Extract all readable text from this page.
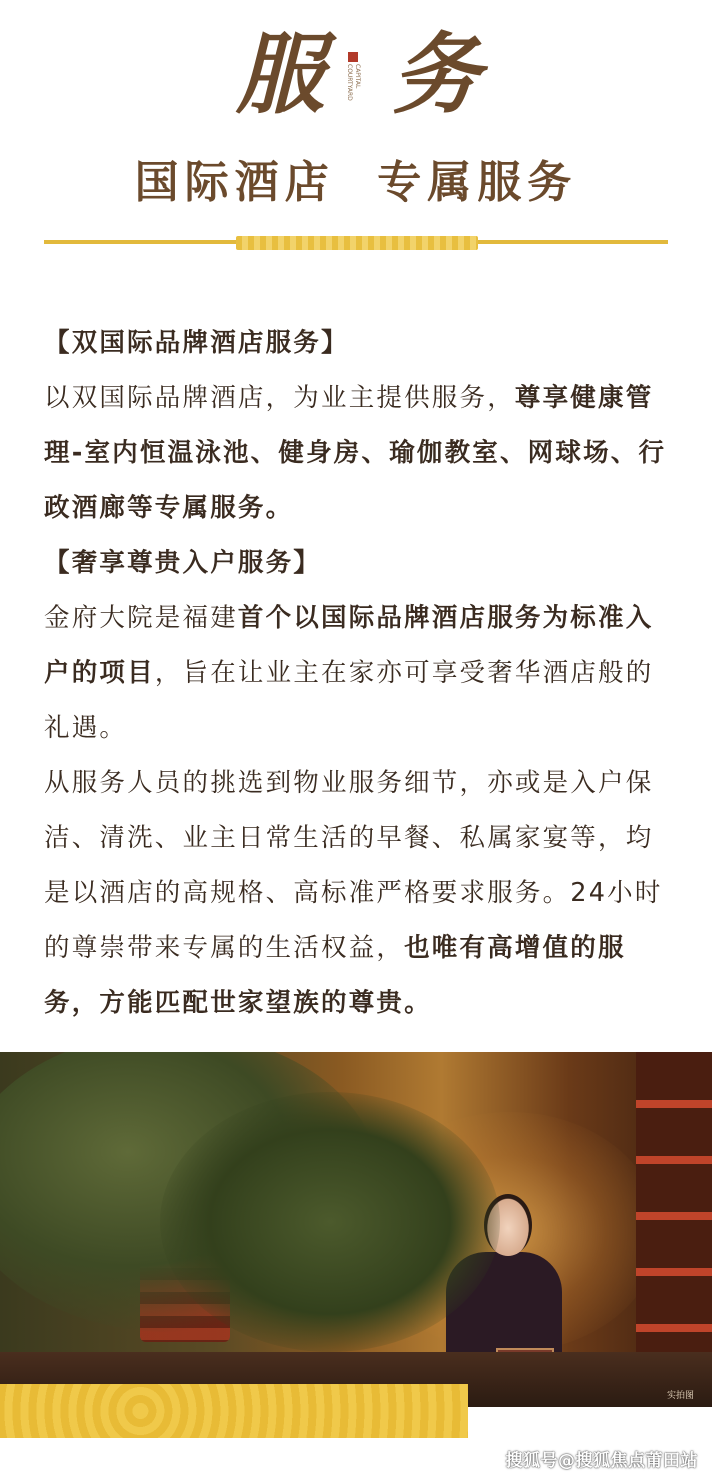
服	CAPITAL COURTYARD 务
国际酒店  专属服务

【双国际品牌酒店服务】

以双国际品牌酒店，为业主提供服务，尊享健康管理-室内恒温泳池、健身房、瑜伽教室、网球场、行政酒廊等专属服务。

【奢享尊贵入户服务】

金府大院是福建首个以国际品牌酒店服务为标准入户的项目，旨在让业主在家亦可享受奢华酒店般的礼遇。

从服务人员的挑选到物业服务细节，亦或是入户保洁、清洗、业主日常生活的早餐、私属家宴等，均是以酒店的高规格、高标准严格要求服务。24小时的尊崇带来专属的生活权益，也唯有高增值的服务，方能匹配世家望族的尊贵。

实拍图
搜狐号@搜狐焦点莆田站
